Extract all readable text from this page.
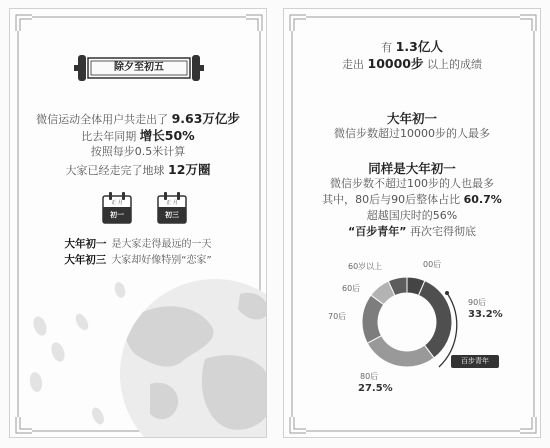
除夕至初五
微信运动全体用户共走出了 9.63万亿步
比去年同期 增长50%
按照每步0.5米计算
大家已经走完了地球 12万圈
正 月
初一
正 月
初三
大年初一 是大家走得最远的一天
大年初三 大家却好像特别“恋家”
有 1.3亿人
走出 10000步 以上的成绩
大年初一
微信步数超过10000步的人最多
同样是大年初一
微信步数不超过100步的人也最多
其中，80后与90后整体占比 60.7%
超越国庆时的56%
“百步青年” 再次宅得彻底
60岁以上	00后
60后
70后
90后
33.2%
80后
27.5%
百步青年
